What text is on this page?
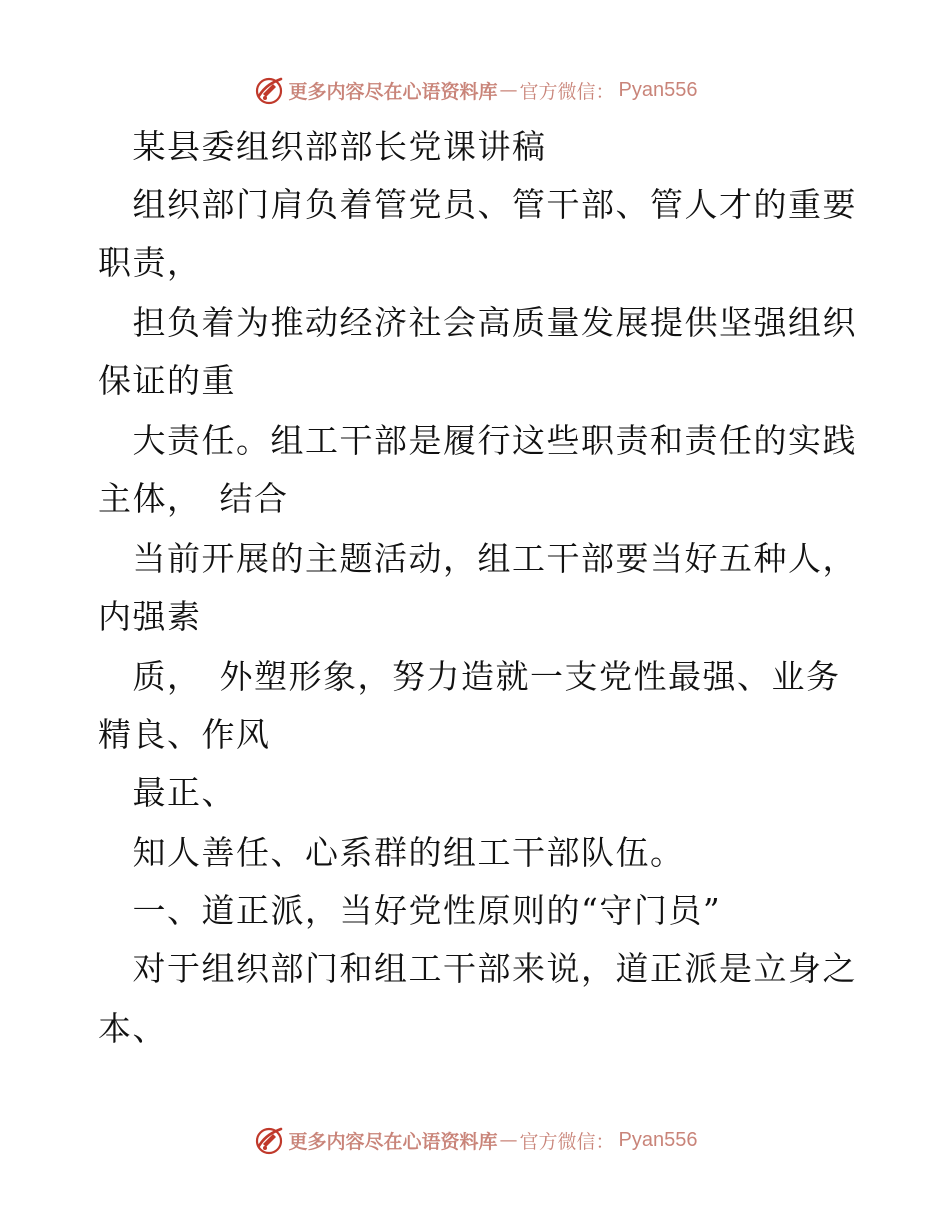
更多内容尽在心语资料库 — 官方微信： Pyan556

　某县委组织部部长党课讲稿

　组织部门肩负着管党员、管干部、管人才的重要

职责，

　担负着为推动经济社会高质量发展提供坚强组织

保证的重

　大责任。组工干部是履行这些职责和责任的实践

主体，　结合

　当前开展的主题活动，组工干部要当好五种人，

内强素

　质，　外塑形象，努力造就一支党性最强、业务

精良、作风

　最正、

　知人善任、心系群的组工干部队伍。

　一、道正派，当好党性原则的“守门员”

　对于组织部门和组工干部来说，道正派是立身之

本、

更多内容尽在心语资料库 — 官方微信： Pyan556
